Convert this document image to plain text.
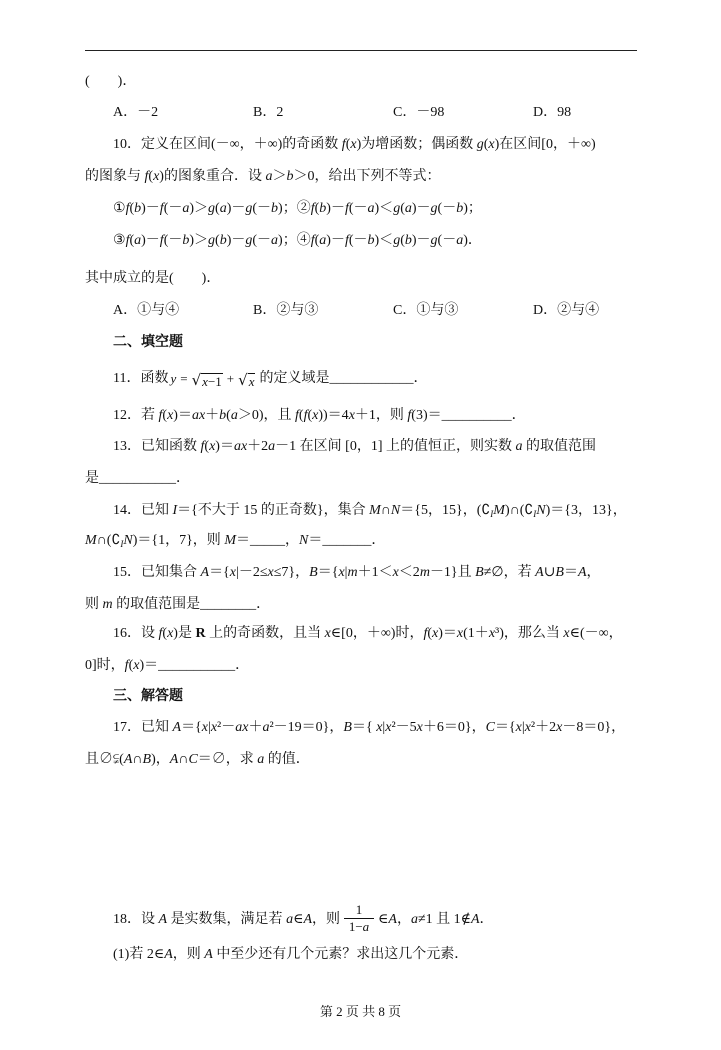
(　　)．
A．－2	B．2	C．－98	D．98
10．定义在区间(－∞，＋∞)的奇函数 f(x)为增函数；偶函数 g(x)在区间[0，＋∞)
的图象与 f(x)的图象重合．设 a＞b＞0，给出下列不等式：
①f(b)－f(－a)＞g(a)－g(－b)；②f(b)－f(－a)＜g(a)－g(－b)；
③f(a)－f(－b)＞g(b)－g(－a)；④f(a)－f(－b)＜g(b)－g(－a)．
其中成立的是(　　)．
A．①与④	B．②与③	C．①与③	D．②与④
二、填空题
11．函数 y = √ x−1 + √ x 的定义域是 ____________ ．
12．若 f(x)＝ax＋b(a＞0)，且 f(f(x))＝4x＋1，则 f(3)＝__________．
13．已知函数 f(x)＝ax＋2a－1 在区间 [0，1] 上的值恒正，则实数 a 的取值范围
是___________．
14．已知 I＝{不大于 15 的正奇数}，集合 M∩N＝{5，15}，$(∁_IM)\cap(∁_IN)=\{3$，13}，
$M\cap(∁_IN)=\{1$，7}，则 M＝_____，N＝_______．
15．已知集合 A＝{x|－2≤x≤7}，B＝{x|m＋1＜x＜2m－1}且 B≠∅，若 A∪B＝A，
则 m 的取值范围是________．
16．设 f(x)是 R 上的奇函数，且当 x∈[0，＋∞)时，f(x)＝x(1＋x³)，那么当 x∈(－∞，
0]时，f(x)＝___________．
三、解答题
17．已知 A＝{x|x²－ax＋a²－19＝0}，B＝{ x|x²－5x＋6＝0}，C＝{x|x²＋2x－8＝0}，
且∅⫋(A∩B)，A∩C＝∅，求 a 的值．
18．设 A 是实数集，满足若 a∈A，则 $\frac{1}{1-a}$ ∈A，a≠1 且 1∉A．
(1)若 2∈A，则 A 中至少还有几个元素？求出这几个元素．
第 2 页 共 8 页
